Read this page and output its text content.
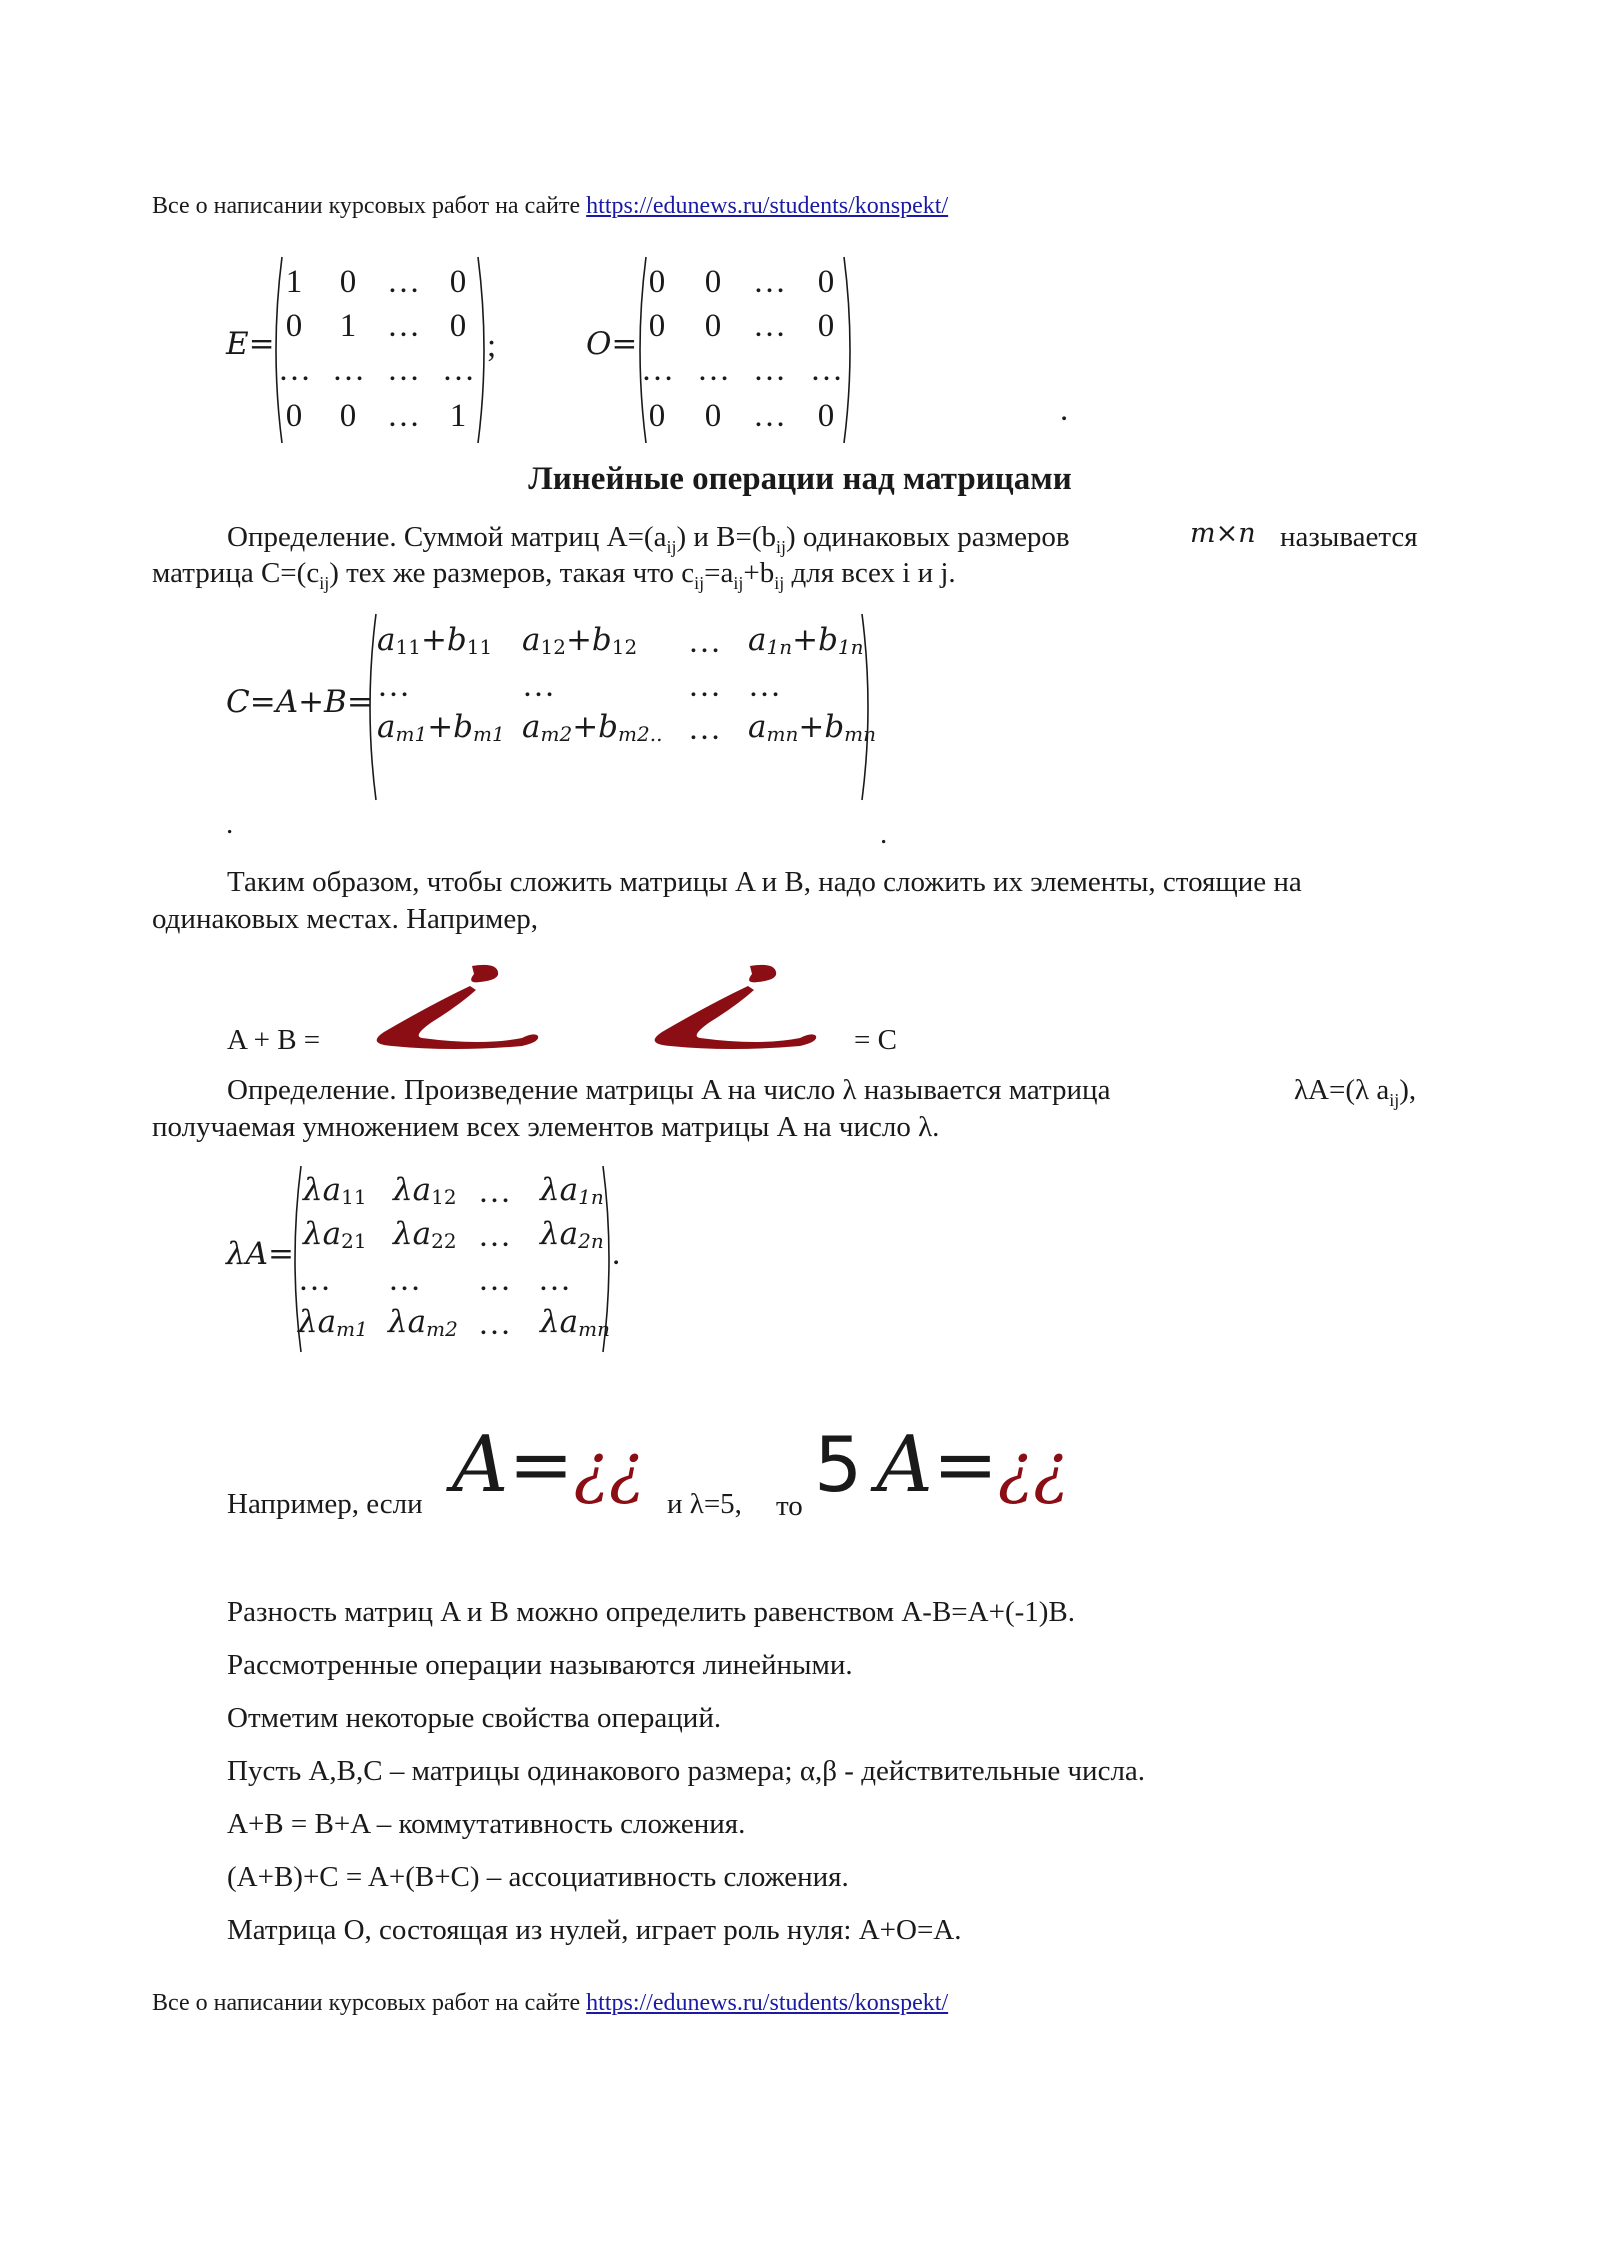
Все о написании курсовых работ на сайте https://edunews.ru/students/konspekt/
E=
1 0 … 0
0 1 … 0
… … … …
0 0 … 1
;	O=
0 0 … 0
0 0 … 0
… … … …
0 0 … 0	.
Линейные операции над матрицами
Определение. Суммой матриц $A=(a_{ij})$ и $B=(b_{ij})$ одинаковых размеров	m×n называется
матрица $C=(c_{ij})$ тех же размеров, такая что $c_{ij}=a_{ij}+b_{ij}$ для всех i и j.
C=A+B=
a11+b11 a12+b12 … $a_{1n}+b_{1n}$
…	…	… …
$a_{m1}+b_{m1}$ $a_{m2}+b_{m2..}$ … $a_{mn}+b_{mn}$
.	.
Таким образом, чтобы сложить матрицы A и B, надо сложить их элементы, стоящие на
одинаковых местах. Например,
A + B =	= C
Определение. Произведение матрицы A на число λ называется матрица	λA=(λ $a_{ij}$),
получаемая умножением всех элементов матрицы A на число λ.
λA=
λa11 λa12 … $\lambda a_{1n}$
λa21 λa22 … $\lambda a_{2n}$
… … … …
$\lambda a_{m1}$ $\lambda a_{m2}$ … $\lambda a_{mn}$
.
Например, если A=¿¿ и λ=5, то 5 A=¿¿
Разность матриц A и B можно определить равенством A-B=A+(-1)B.
Рассмотренные операции называются линейными.
Отметим некоторые свойства операций.
Пусть A,B,C – матрицы одинакового размера; α,β - действительные числа.
A+B = B+A – коммутативность сложения.
(A+B)+C = A+(B+C) – ассоциативность сложения.
Матрица O, состоящая из нулей, играет роль нуля: A+O=A.
Все о написании курсовых работ на сайте https://edunews.ru/students/konspekt/
